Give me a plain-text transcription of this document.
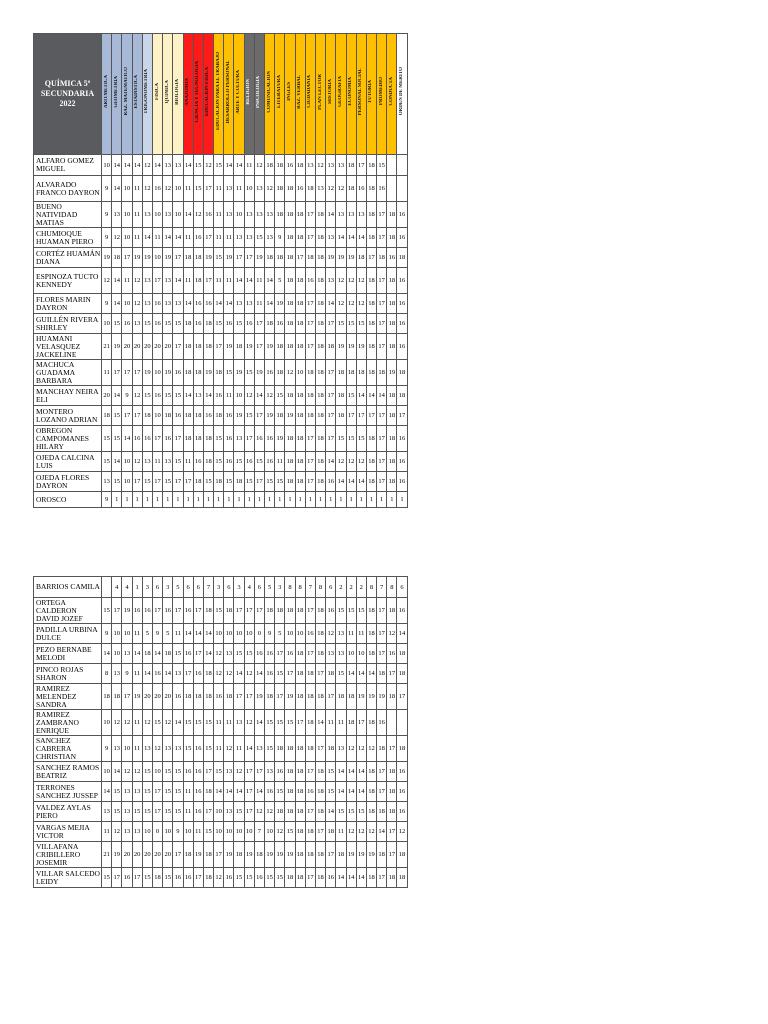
QUÍMICA 5º SECUNDARIA 2022	ARITMETICA	GEOMETRIA	RAZ. MATEMATICO	ESTADISTICA	TRIGONOMETRIA	FISICA	QUIMICA	BIOLOGIA	ANATOMIA	CIENCIA Y TECNOLOGIA	EDUCACION FISICA	EDUCACION PARA EL TRABAJO	DESARROLLO PERSONAL	ARTE Y CULTURA	RELIGION	PSICOLOGIA	COMUNICACION	LITERATURA	INGLES	RAZ. VERBAL	CIUDADANIA	PLAN LECTOR	HISTORIA	GEOGRAFIA	ECONOMIA	PERSONAL SOCIAL	TUTORIA	PROMEDIO	CONDUCTA	ORDEN DE MERITO
ALFARO GOMEZ MIGUEL	10	14	14	14	12	14	13	13	14	15	12	15	14	14	11	12	18	18	16	18	13	12	13	13	18	17	18	15		
ALVARADO FRANCO DAYRON	9	14	10	11	12	16	12	10	11	15	17	11	13	11	10	13	12	18	18	16	18	13	12	12	18	16	18	16		
BUENO NATIVIDAD MATIAS	9	13	10	11	13	10	13	10	14	12	16	11	13	10	13	13	13	18	18	18	17	18	14	13	13	13	18	17	18	16
CHUMIOQUE HUAMAN PIERO	9	12	10	11	14	11	14	14	11	16	17	11	11	13	13	15	13	9	18	18	17	18	13	14	14	14	18	17	18	16
CORTÉZ HUAMÁN DIANA	19	18	17	19	19	10	19	17	18	18	19	15	19	17	17	19	18	18	18	17	18	18	19	19	19	18	17	18	16	18
ESPINOZA TUCTO KENNEDY	12	14	11	12	13	17	13	14	11	18	17	11	11	14	14	11	14	5	18	18	16	18	13	12	12	12	18	17	18	16
FLORES MARIN DAYRON	9	14	10	12	13	16	13	13	14	16	16	14	14	13	13	11	14	19	18	18	17	18	14	12	12	12	18	17	18	16
GUILLÉN RIVERA SHIRLEY	10	15	16	13	15	16	15	15	18	16	18	15	16	15	16	17	18	16	18	18	17	18	17	15	15	15	18	17	18	16
HUAMANI VELASQUEZ JACKELINE	21	19	20	20	20	20	20	17	18	18	18	17	19	18	19	17	19	18	18	18	17	18	18	19	19	19	18	17	18	16
MACHUCA GUADAMA BARBARA	11	17	17	17	19	10	19	16	18	18	19	18	15	19	15	19	16	18	12	10	18	18	17	18	18	18	18	18	19	18
MANCHAY NEIRA ELI	20	14	9	12	15	16	15	15	14	13	14	16	11	10	12	14	12	15	18	18	18	18	17	18	15	14	14	14	18	18
MONTERO LOZANO ADRIAN	18	15	17	17	18	10	18	16	18	18	16	18	16	19	15	17	19	18	19	18	18	18	17	18	17	17	17	17	18	17
OBREGON CAMPOMANES HILARY	15	15	14	16	16	17	16	17	18	18	18	15	16	13	17	16	16	19	18	18	17	18	17	15	15	15	18	17	18	16
OJEDA CALCINA LUIS	15	14	10	12	13	11	13	15	11	16	18	15	16	15	16	15	16	11	18	18	17	18	14	12	12	12	18	17	18	16
OJEDA FLORES DAYRON	13	15	10	17	15	17	15	17	17	18	15	18	15	18	15	17	15	15	18	18	17	18	16	14	14	14	18	17	18	16
OROSCO	9	1	1	1	1	1	1	1	1	1	1	1	1	1	1	1	1	1	1	1	1	1	1	1	1	1	1	1	1	1
BARRIOS CAMILA		4	4	1	3	6	3	5	6	6	7	3	6	3	4	6	5	3	8	8	7	8	6	2	2	2	8	7	8	6
ORTEGA CALDERON DAVID JOZEF	15	17	19	16	16	17	16	17	16	17	18	15	18	17	17	17	18	18	18	18	17	18	16	15	15	15	18	17	18	16
PADILLA URBINA DULCE	9	10	10	11	5	9	5	11	14	14	14	10	10	10	10	0	9	5	10	10	16	18	12	13	11	11	18	17	12	14
PEZO BERNABE MELODI	14	10	13	14	18	14	18	15	16	17	14	12	13	15	15	16	16	17	16	18	17	18	13	13	10	10	18	17	16	18
PINCO ROJAS SHARON	8	13	9	11	14	16	14	13	17	16	18	12	12	14	12	14	16	15	17	18	18	17	18	15	14	14	14	18	17	18
RAMIREZ MELENDEZ SANDRA	18	18	17	19	20	20	20	16	18	18	18	16	18	17	17	19	18	17	19	18	18	18	17	18	18	19	19	19	18	17
RAMIREZ ZAMBRANO ENRIQUE	10	12	12	11	12	15	12	14	15	15	15	11	11	13	12	14	15	15	15	17	18	14	11	11	18	17	18	16		
SANCHEZ CABRERA CHRISTIAN	9	13	10	11	13	12	13	13	15	16	15	11	12	11	14	13	15	18	18	18	18	17	18	13	12	12	12	18	17	18
SANCHEZ RAMOS BEATRIZ	10	14	12	12	15	10	15	15	16	16	17	15	13	12	17	17	13	16	18	18	17	18	15	14	14	14	18	17	18	16
TERRONES SANCHEZ JUSSEP	14	15	13	13	15	17	15	15	11	16	18	14	14	14	17	14	16	15	18	18	16	18	15	14	14	14	18	17	18	16
VALDEZ AYLAS PIERO	13	15	13	15	15	17	15	15	11	16	17	10	13	15	17	12	12	18	18	18	17	18	14	15	15	15	18	18	18	16
VARGAS MEJIA VICTOR	11	12	13	13	10	0	10	9	10	11	15	10	10	10	10	7	10	12	15	18	18	17	18	11	12	12	12	14	17	12
VILLAFANA CRIBILLERO JOSEMIR	21	19	20	20	20	20	20	17	18	19	18	17	19	18	19	18	19	19	19	18	18	18	17	18	19	19	19	18	17	18
VILLAR SALCEDO LEIDY	15	17	16	17	15	18	15	16	16	17	18	12	16	15	15	16	15	15	18	18	17	18	16	14	14	14	18	17	18	18
